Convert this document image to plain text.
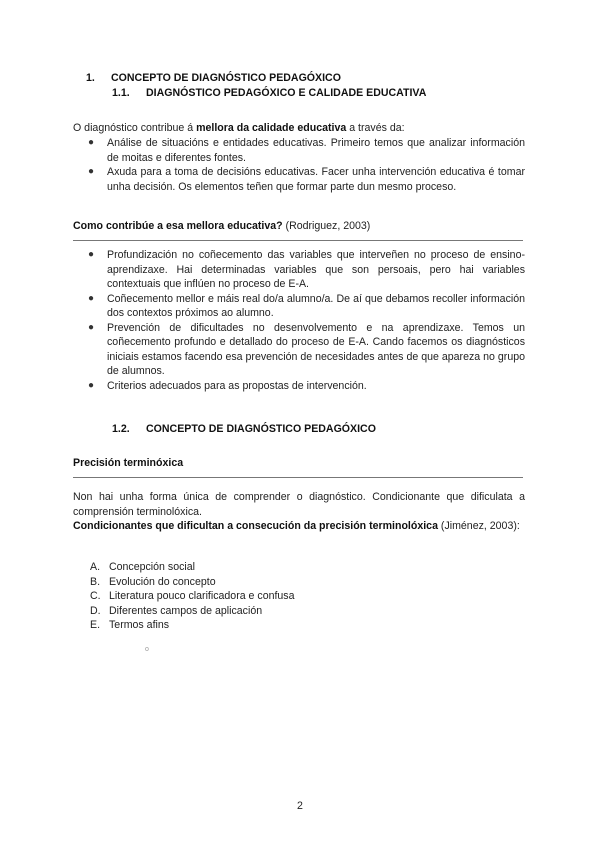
1. CONCEPTO DE DIAGNÓSTICO PEDAGÓXICO
1.1. DIAGNÓSTICO PEDAGÓXICO E CALIDADE EDUCATIVA
O diagnóstico contribue á mellora da calidade educativa a través da:
● Análise de situacións e entidades educativas. Primeiro temos que analizar información de moitas e diferentes fontes.
● Axuda para a toma de decisións educativas. Facer unha intervención educativa é tomar unha decisión. Os elementos teñen que formar parte dun mesmo proceso.
Como contribúe a esa mellora educativa? (Rodriguez, 2003)
● Profundización no coñecemento das variables que interveñen no proceso de ensino-aprendizaxe. Hai determinadas variables que son persoais, pero hai variables contextuais que inflúen no proceso de E-A.
● Coñecemento mellor e máis real do/a alumno/a. De aí que debamos recoller información dos contextos próximos ao alumno.
● Prevención de dificultades no desenvolvemento e na aprendizaxe. Temos un coñecemento profundo e detallado do proceso de E-A. Cando facemos os diagnósticos iniciais estamos facendo esa prevención de necesidades antes de que apareza no grupo de alumnos.
● Criterios adecuados para as propostas de intervención.
1.2. CONCEPTO DE DIAGNÓSTICO PEDAGÓXICO
Precisión terminóxica
Non hai unha forma única de comprender o diagnóstico. Condicionante que dificulata a comprensión terminolóxica.
Condicionantes que dificultan a consecución da precisión terminolóxica (Jiménez, 2003):
A. Concepción social
B. Evolución do concepto
C. Literatura pouco clarificadora e confusa
D. Diferentes campos de aplicación
E. Termos afins
o
2
